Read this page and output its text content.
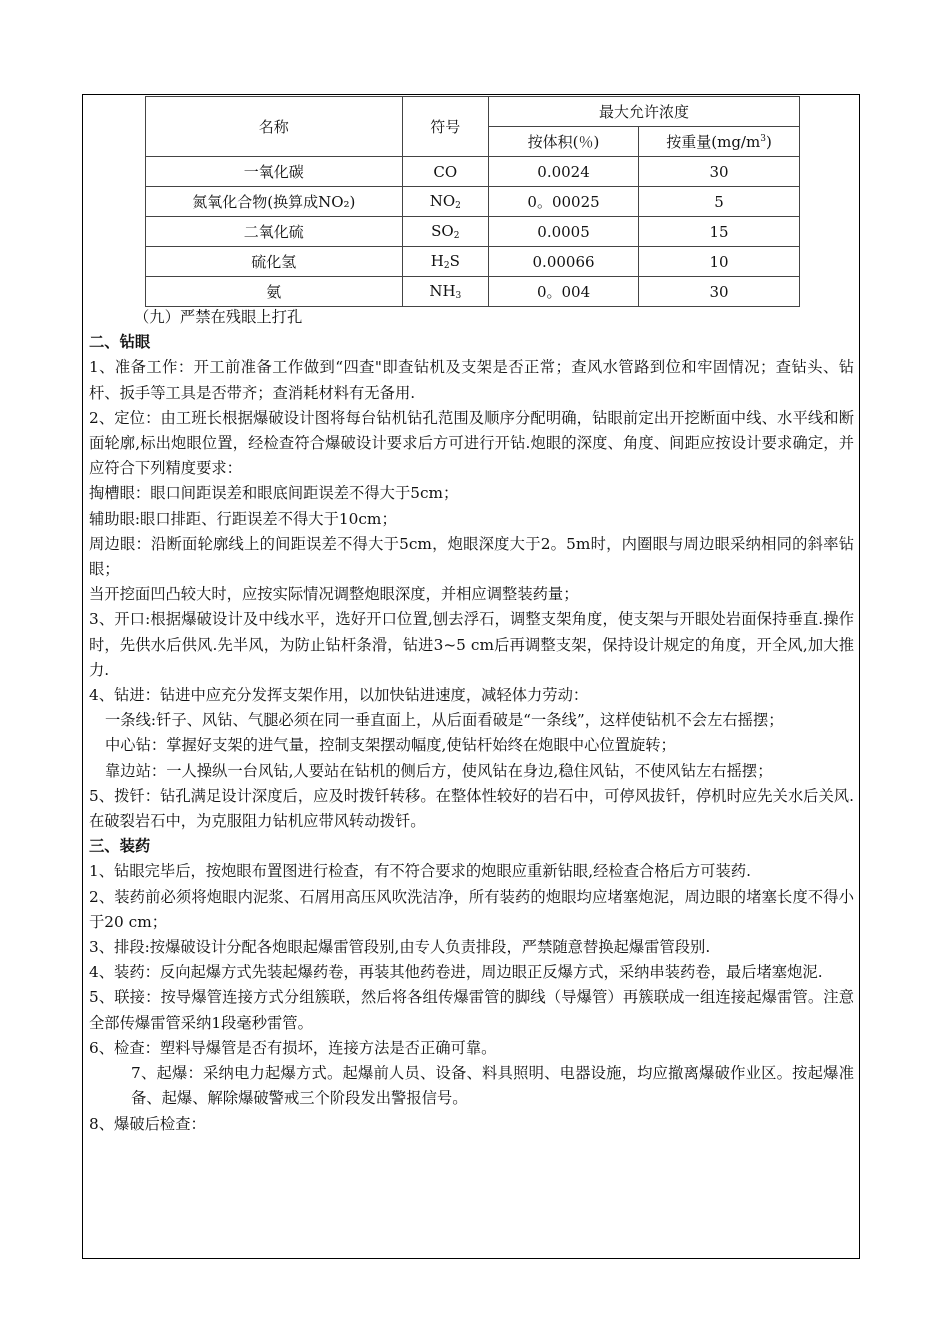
名称	符号	最大允许浓度	
		按体积(％)	按重量$(mg/m^3)$
一氧化碳	CO	0.0024	30
氮氧化合物(换算成NO₂)	$NO_2$	0。00025	5
二氧化硫	$SO_2$	0.0005	15
硫化氢	$H_2S$	0.00066	10
氨	$NH_3$	0。004	30

（九）严禁在残眼上打孔

二、钻眼

1、准备工作：开工前准备工作做到“四查"即查钻机及支架是否正常；查风水管路到位和牢固情况；查钻头、钻杆、扳手等工具是否带齐；查消耗材料有无备用.

2、定位：由工班长根据爆破设计图将每台钻机钻孔范围及顺序分配明确，钻眼前定出开挖断面中线、水平线和断面轮廓,标出炮眼位置，经检查符合爆破设计要求后方可进行开钻.炮眼的深度、角度、间距应按设计要求确定，并应符合下列精度要求：

掏槽眼：眼口间距误差和眼底间距误差不得大于5cm；

辅助眼:眼口排距、行距误差不得大于10cm；

周边眼：沿断面轮廓线上的间距误差不得大于5cm，炮眼深度大于2。5m时，内圈眼与周边眼采纳相同的斜率钻眼；

当开挖面凹凸较大时，应按实际情况调整炮眼深度，并相应调整装药量；

3、开口:根据爆破设计及中线水平，选好开口位置,刨去浮石，调整支架角度，使支架与开眼处岩面保持垂直.操作时，先供水后供风.先半风，为防止钻杆条滑，钻进3~5 cm后再调整支架，保持设计规定的角度，开全风,加大推力.

4、钻进：钻进中应充分发挥支架作用，以加快钻进速度，减轻体力劳动：

一条线:钎子、风钻、气腿必须在同一垂直面上，从后面看破是“一条线”，这样使钻机不会左右摇摆；

中心钻：掌握好支架的进气量，控制支架摆动幅度,使钻杆始终在炮眼中心位置旋转；

靠边站：一人操纵一台风钻,人要站在钻机的侧后方，使风钻在身边,稳住风钻，不使风钻左右摇摆；

5、拨钎：钻孔满足设计深度后，应及时拨钎转移。在整体性较好的岩石中，可停风拔钎，停机时应先关水后关风.在破裂岩石中，为克服阻力钻机应带风转动拨钎。

三、装药

1、钻眼完毕后，按炮眼布置图进行检查，有不符合要求的炮眼应重新钻眼,经检查合格后方可装药.

2、装药前必须将炮眼内泥浆、石屑用高压风吹洗洁净，所有装药的炮眼均应堵塞炮泥，周边眼的堵塞长度不得小于20 cm；

3、排段:按爆破设计分配各炮眼起爆雷管段别,由专人负责排段，严禁随意替换起爆雷管段别.

4、装药：反向起爆方式先装起爆药卷，再装其他药卷进，周边眼正反爆方式，采纳串装药卷，最后堵塞炮泥.

5、联接：按导爆管连接方式分组簇联，然后将各组传爆雷管的脚线（导爆管）再簇联成一组连接起爆雷管。注意全部传爆雷管采纳1段毫秒雷管。

6、检查：塑料导爆管是否有损坏，连接方法是否正确可靠。

7、起爆：采纳电力起爆方式。起爆前人员、设备、料具照明、电器设施，均应撤离爆破作业区。按起爆准备、起爆、解除爆破警戒三个阶段发出警报信号。

8、爆破后检查：
